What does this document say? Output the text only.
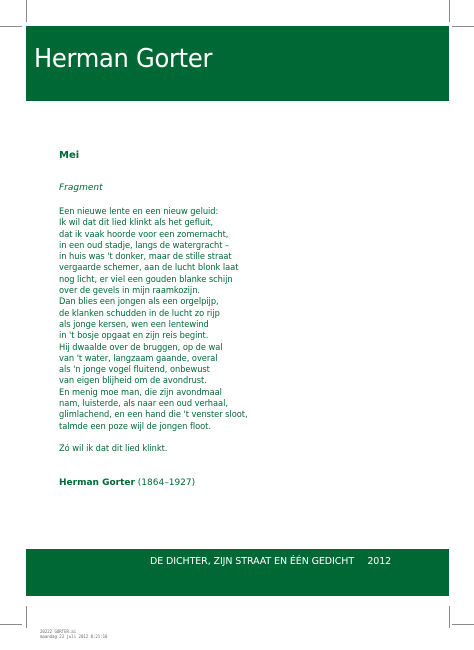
Herman Gorter
Mei
Fragment
Een nieuwe lente en een nieuw geluid:
Ik wil dat dit lied klinkt als het gefluit,
dat ik vaak hoorde voor een zomernacht,
in een oud stadje, langs de watergracht –
in huis was 't donker, maar de stille straat
vergaarde schemer, aan de lucht blonk laat
nog licht, er viel een gouden blanke schijn
over de gevels in mijn raamkozijn.
Dan blies een jongen als een orgelpijp,
de klanken schudden in de lucht zo rijp
als jonge kersen, wen een lentewind
in 't bosje opgaat en zijn reis begint.
Hij dwaalde over de bruggen, op de wal
van 't water, langzaam gaande, overal
als 'n jonge vogel fluitend, onbewust
van eigen blijheid om de avondrust.
En menig moe man, die zijn avondmaal
nam, luisterde, als naar een oud verhaal,
glimlachend, en een hand die 't venster sloot,
talmde een poze wijl de jongen floot.
Zó wil ik dat dit lied klinkt.
Herman Gorter (1864–1927)
DE DICHTER, ZIJN STRAAT EN ÉÉN GEDICHT 2012
20222 GORTER.ai
maandag 23 juli 2012 8:21:10
